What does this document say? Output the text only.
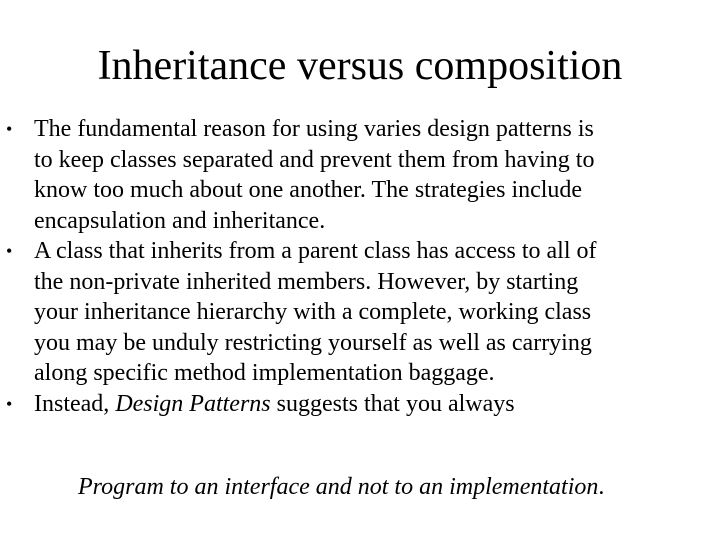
Inheritance versus composition
• The fundamental reason for using varies design patterns is
to keep classes separated and prevent them from having to
know too much about one another. The strategies include
encapsulation and inheritance.
• A class that inherits from a parent class has access to all of
the non-private inherited members. However, by starting
your inheritance hierarchy with a complete, working class
you may be unduly restricting yourself as well as carrying
along specific method implementation baggage.
• Instead, Design Patterns suggests that you always
Program to an interface and not to an implementation.
